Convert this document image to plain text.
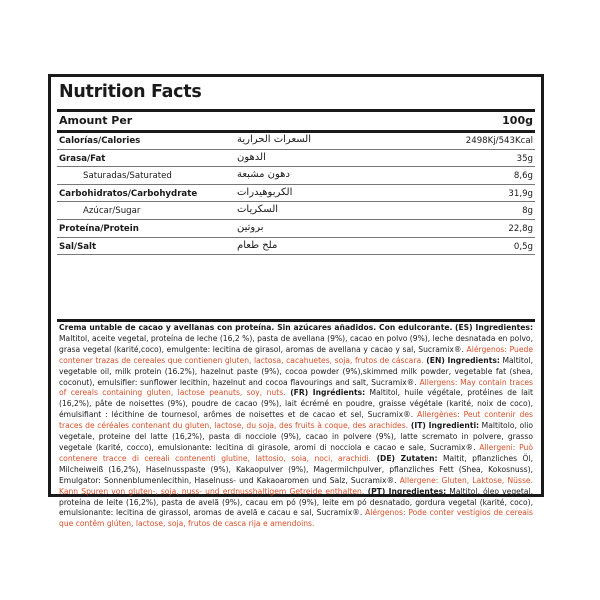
Nutrition Facts
Amount Per	100g
Calorías/Calories	السعرات الحرارية	2498Kj/543Kcal
Grasa/Fat	الدهون	35g
Saturadas/Saturated	دهون مشبعة	8,6g
Carbohidratos/Carbohydrate	الكربوهيدرات	31,9g
Azúcar/Sugar	السكريات	8g
Proteína/Protein	بروتين	22,8g
Sal/Salt	ملح طعام	0,5g
Crema untable de cacao y avellanas con proteína. Sin azúcares añadidos. Con edulcorante. (ES) Ingredientes: Maltitol, aceite vegetal, proteína de leche (16,2 %), pasta de avellana (9%), cacao en polvo (9%), leche desnatada en polvo, grasa vegetal (karité,coco), emulgente: lecitina de girasol, aromas de avellana y cacao y sal, Sucramix®. Alérgenos: Puede contener trazas de cereales que contienen gluten, lactosa, cacahuetes, soja, frutos de cáscara. (EN) Ingredients: Maltitol, vegetable oil, milk protein (16.2%), hazelnut paste (9%), cocoa powder (9%),skimmed milk powder, vegetable fat (shea, coconut), emulsifier: sunflower lecithin, hazelnut and cocoa flavourings and salt, Sucramix®. Allergens: May contain traces of cereals containing gluten, lactose peanuts, soy, nuts. (FR) Ingrédients: Maltitol, huile végétale, protéines de lait (16,2%), pâte de noisettes (9%), poudre de cacao (9%), lait écrémé en poudre, graisse végétale (karité, noix de coco), émulsifiant : lécithine de tournesol, arômes de noisettes et de cacao et sel, Sucramix®. Allergènes: Peut contenir des traces de céréales contenant du gluten, lactose, du soja, des fruits à coque, des arachides. (IT) Ingredienti: Maltitolo, olio vegetale, proteine del latte (16,2%), pasta di nocciole (9%), cacao in polvere (9%), latte scremato in polvere, grasso vegetale (karité, cocco), emulsionante: lecitina di girasole, aromi di nocciola e cacao e sale, Sucramix®. Allergeni: Può contenere tracce di cereali contenenti glutine, lattosio, soia, noci, arachidi. (DE) Zutaten: Maltit, pflanzliches Öl, Milcheiweiß (16,2%), Haselnusspaste (9%), Kakaopulver (9%), Magermilchpulver, pflanzliches Fett (Shea, Kokosnuss), Emulgator: Sonnenblumenlecithin, Haselnuss- und Kakaoaromen und Salz, Sucramix®. Allergene: Gluten, Laktose, Nüsse. Kann Spuren von gluten-, soja, nuss- und erdnusshaltigem Getreide enthalten. (PT) Ingredientes: Maltitol, óleo vegetal, proteína de leite (16,2%), pasta de avelã (9%), cacau em pó (9%), leite em pó desnatado, gordura vegetal (karité, coco), emulsionante: lecitina de girassol, aromas de avelã e cacau e sal, Sucramix®. Alérgenos: Pode conter vestígios de cereais que contêm glúten, lactose, soja, frutos de casca rija e amendoins.
